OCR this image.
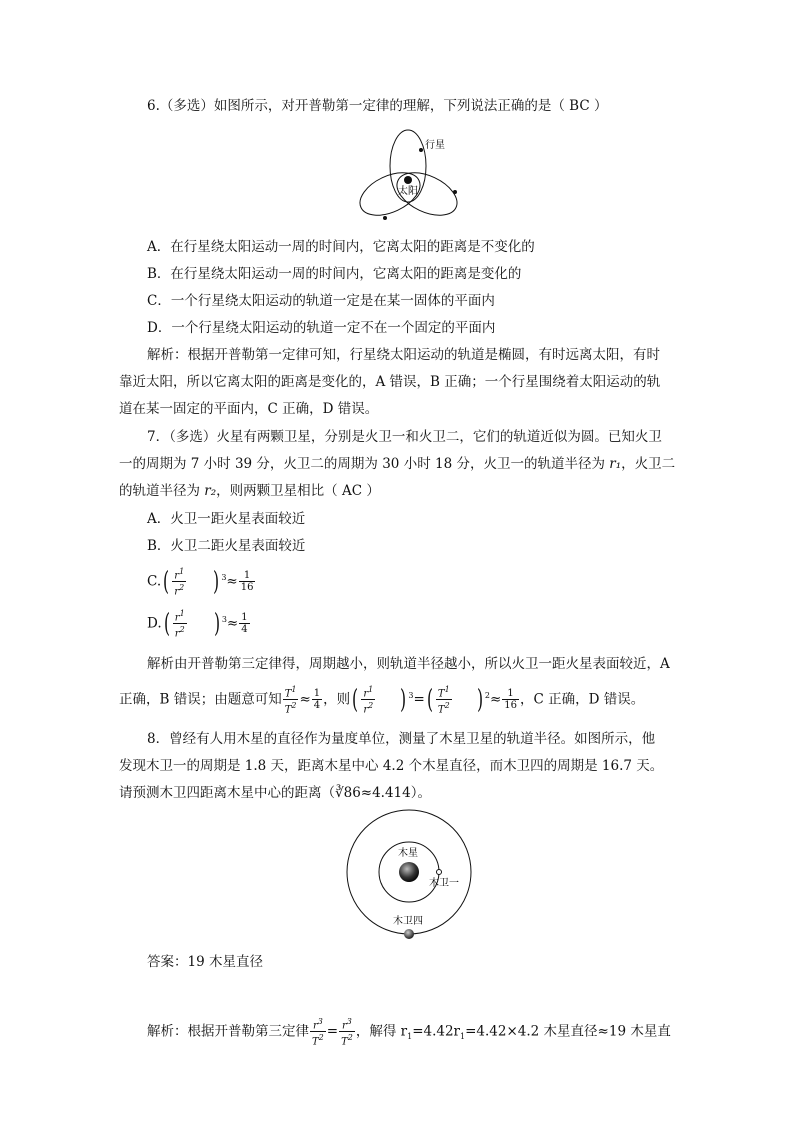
6.（多选）如图所示，对开普勒第一定律的理解，下列说法正确的是（ BC ）
行星
太阳
A．在行星绕太阳运动一周的时间内，它离太阳的距离是不变化的
B．在行星绕太阳运动一周的时间内，它离太阳的距离是变化的
C．一个行星绕太阳运动的轨道一定是在某一固体的平面内
D．一个行星绕太阳运动的轨道一定不在一个固定的平面内
解析：根据开普勒第一定律可知，行星绕太阳运动的轨道是椭圆，有时远离太阳，有时
靠近太阳，所以它离太阳的距离是变化的，A 错误，B 正确；一个行星围绕着太阳运动的轨
道在某一固定的平面内，C 正确，D 错误。
7．（多选）火星有两颗卫星，分别是火卫一和火卫二，它们的轨道近似为圆。已知火卫
一的周期为 7 小时 39 分，火卫二的周期为 30 小时 18 分，火卫一的轨道半径为 r₁，火卫二
的轨道半径为 r₂，则两颗卫星相比（ AC ）
A．火卫一距火星表面较近
B．火卫二距火星表面较近
$C.( \frac{r^1}{r^2}$ ) $^3\approx \frac{1}{16}$
$D.( \frac{r^1}{r^2}$ ) $^3\approx \frac{1}{4}$
解析由开普勒第三定律得，周期越小，则轨道半径越小，所以火卫一距火星表面较近，A
正确，B 错误；由题意可知 $\frac{T^1}{T^2} \approx \frac{1}{4}$ ，则( $\frac{r^1}{r^2}$ ) $^3=( \frac{T^1}{T^2}$ ) $^2\approx \frac{1}{16}$ ，C 正确，D 错误。
8．曾经有人用木星的直径作为量度单位，测量了木星卫星的轨道半径。如图所示，他
发现木卫一的周期是 1.8 天，距离木星中心 4.2 个木星直径，而木卫四的周期是 16.7 天。
请预测木卫四距离木星中心的距离（∛86≈4.414）。
木星
木卫一
木卫四
答案：19 木星直径
解析：根据开普勒第三定律 $\frac{r^3}{T^2} = \frac{r^3}{T^2}$ ，解得 $r_1=4.42r_1=4.42\times 4.2$ 木星直径≈19 木星直
